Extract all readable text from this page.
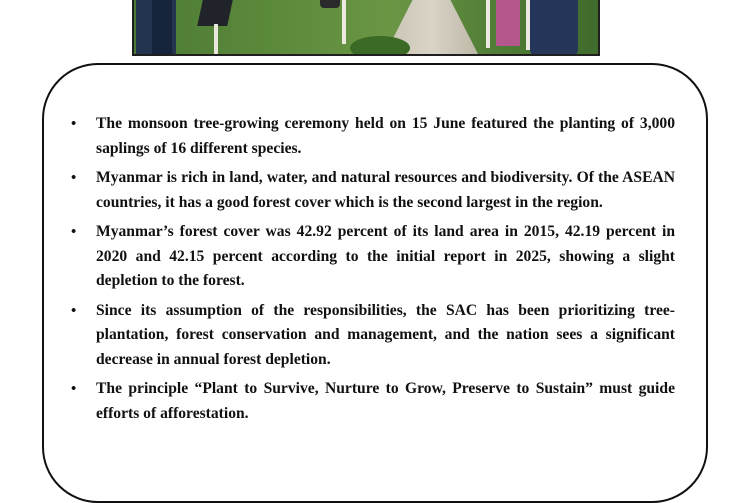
• The monsoon tree-growing ceremony held on 15 June featured the planting of 3,000 saplings of 16 different species.
• Myanmar is rich in land, water, and natural resources and biodiversity. Of the ASEAN countries, it has a good forest cover which is the second largest in the region.
• Myanmar’s forest cover was 42.92 percent of its land area in 2015, 42.19 percent in 2020 and 42.15 percent according to the initial report in 2025, showing a slight depletion to the forest.
• Since its assumption of the responsibilities, the SAC has been prioritizing tree-plantation, forest conservation and management, and the nation sees a significant decrease in annual forest depletion.
• The principle “Plant to Survive, Nurture to Grow, Preserve to Sustain” must guide efforts of afforestation.
